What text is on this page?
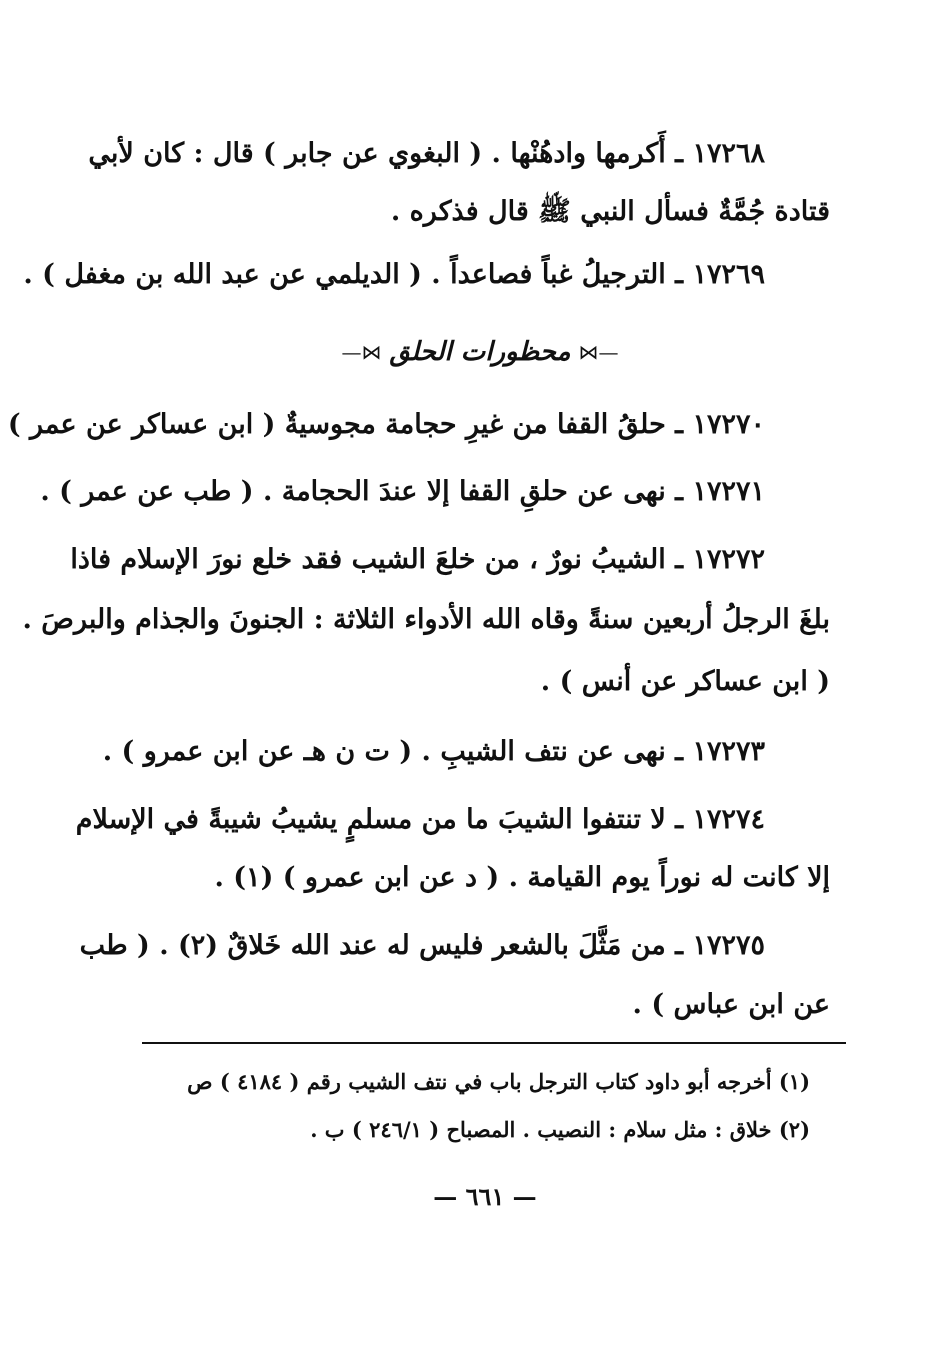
١٧٢٦٨ ـ أَكرمها وادهُنْها . ( البغوي عن جابر ) قال : كان لأبي
قتادة جُمَّةٌ فسأل النبي ﷺ قال فذكره .
١٧٢٦٩ ـ الترجيلُ غباً فصاعداً . ( الديلمي عن عبد الله بن مغفل ) .
—⋈
محظورات الحلق
⋈—
١٧٢٧٠ ـ حلقُ القفا من غيرِ حجامة مجوسيةٌ ( ابن عساكر عن عمر )
١٧٢٧١ ـ نهى عن حلقِ القفا إلا عندَ الحجامة . ( طب عن عمر ) .
١٧٢٧٢ ـ الشيبُ نورٌ ، من خلعَ الشيب فقد خلع نورَ الإسلام فاذا
بلغَ الرجلُ أربعين سنةً وقاه الله الأدواء الثلاثة : الجنونَ والجذام والبرصَ .
( ابن عساكر عن أنس ) .
١٧٢٧٣ ـ نهى عن نتف الشيبِ . ( ت ن هـ عن ابن عمرو ) .
١٧٢٧٤ ـ لا تنتفوا الشيبَ ما من مسلمٍ يشيبُ شيبةً في الإسلام
إلا كانت له نوراً يوم القيامة . ( د عن ابن عمرو ) (١) .
١٧٢٧٥ ـ من مَثَّلَ بالشعر فليس له عند الله خَلاقٌ (٢) . ( طب
عن ابن عباس ) .
(١) أخرجه أبو داود كتاب الترجل باب في نتف الشيب رقم ( ٤١٨٤ ) ص
(٢) خلاق : مثل سلام : النصيب . المصباح ( ٢٤٦/١ ) ب .
— ٦٦١ —
